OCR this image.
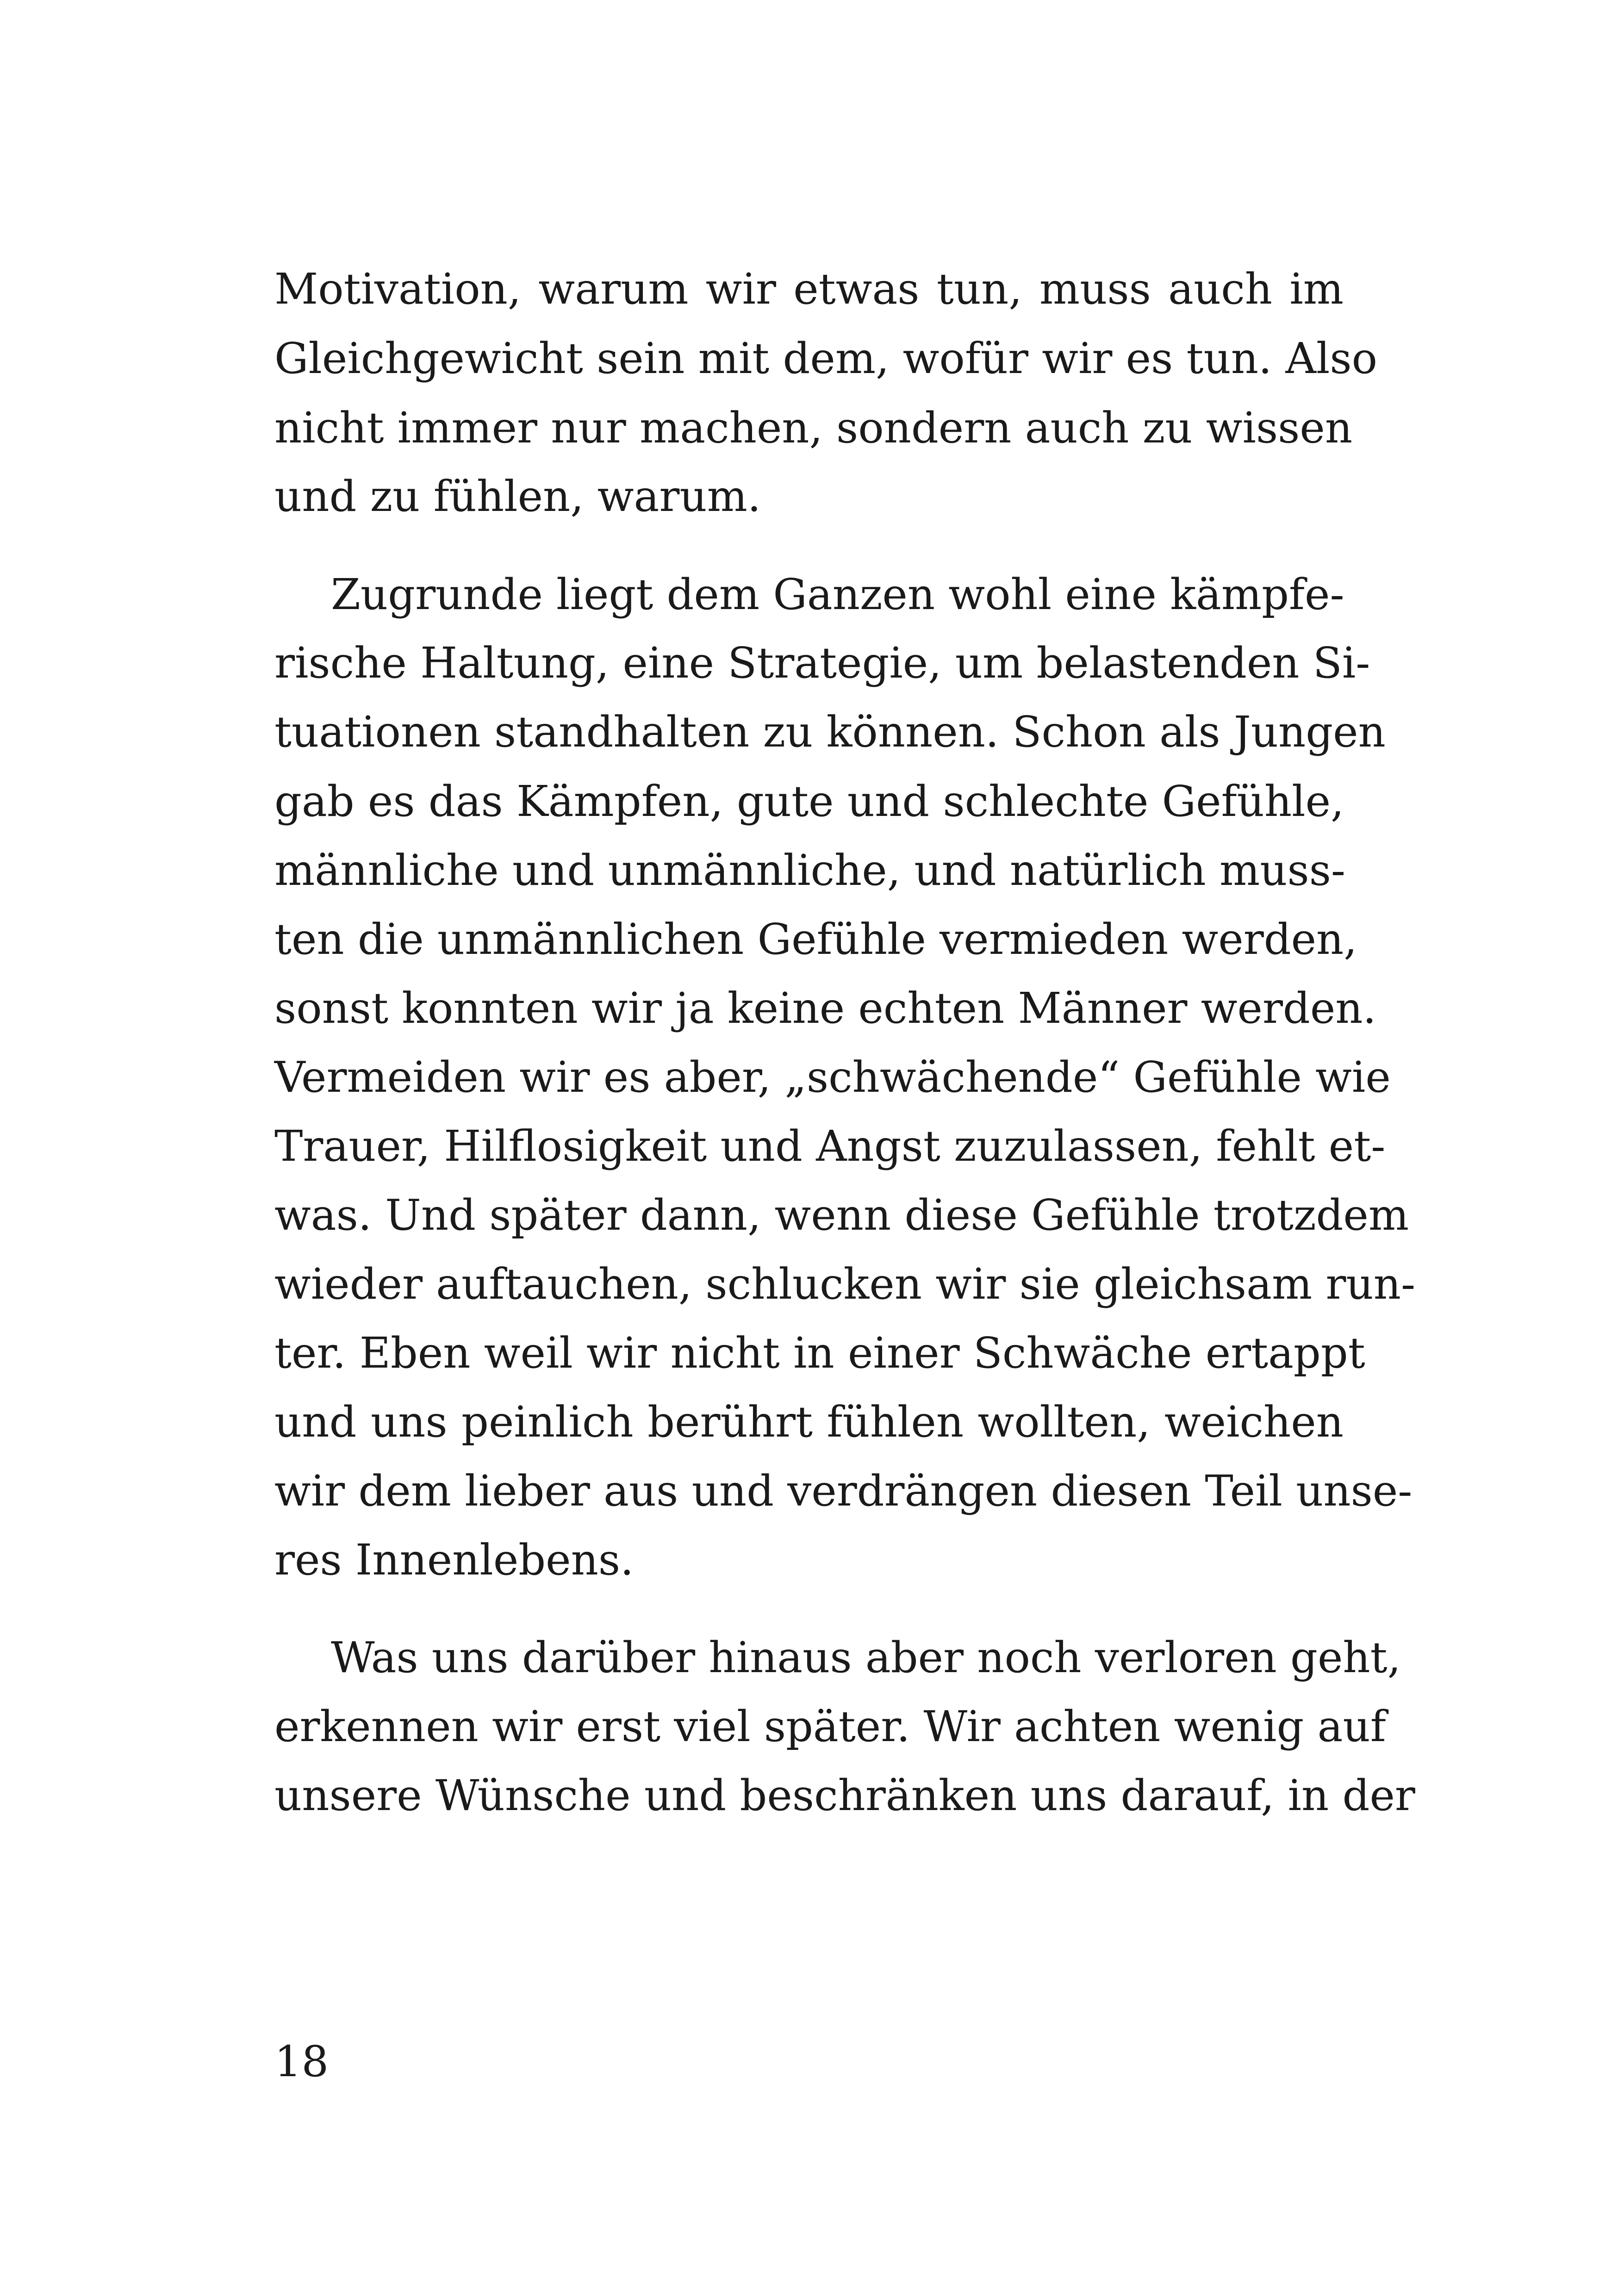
Motivation, warum wir etwas tun, muss auch im
Gleichgewicht sein mit dem, wofür wir es tun. Also
nicht immer nur machen, sondern auch zu wissen
und zu fühlen, warum.
Zugrunde liegt dem Ganzen wohl eine kämpfe-
rische Haltung, eine Strategie, um belastenden Si-
tuationen standhalten zu können. Schon als Jungen
gab es das Kämpfen, gute und schlechte Gefühle,
männliche und unmännliche, und natürlich muss-
ten die unmännlichen Gefühle vermieden werden,
sonst konnten wir ja keine echten Männer werden.
Vermeiden wir es aber, „schwächende“ Gefühle wie
Trauer, Hilflosigkeit und Angst zuzulassen, fehlt et-
was. Und später dann, wenn diese Gefühle trotzdem
wieder auftauchen, schlucken wir sie gleichsam run-
ter. Eben weil wir nicht in einer Schwäche ertappt
und uns peinlich berührt fühlen wollten, weichen
wir dem lieber aus und verdrängen diesen Teil unse-
res Innenlebens.
Was uns darüber hinaus aber noch verloren geht,
erkennen wir erst viel später. Wir achten wenig auf
unsere Wünsche und beschränken uns darauf, in der
18
